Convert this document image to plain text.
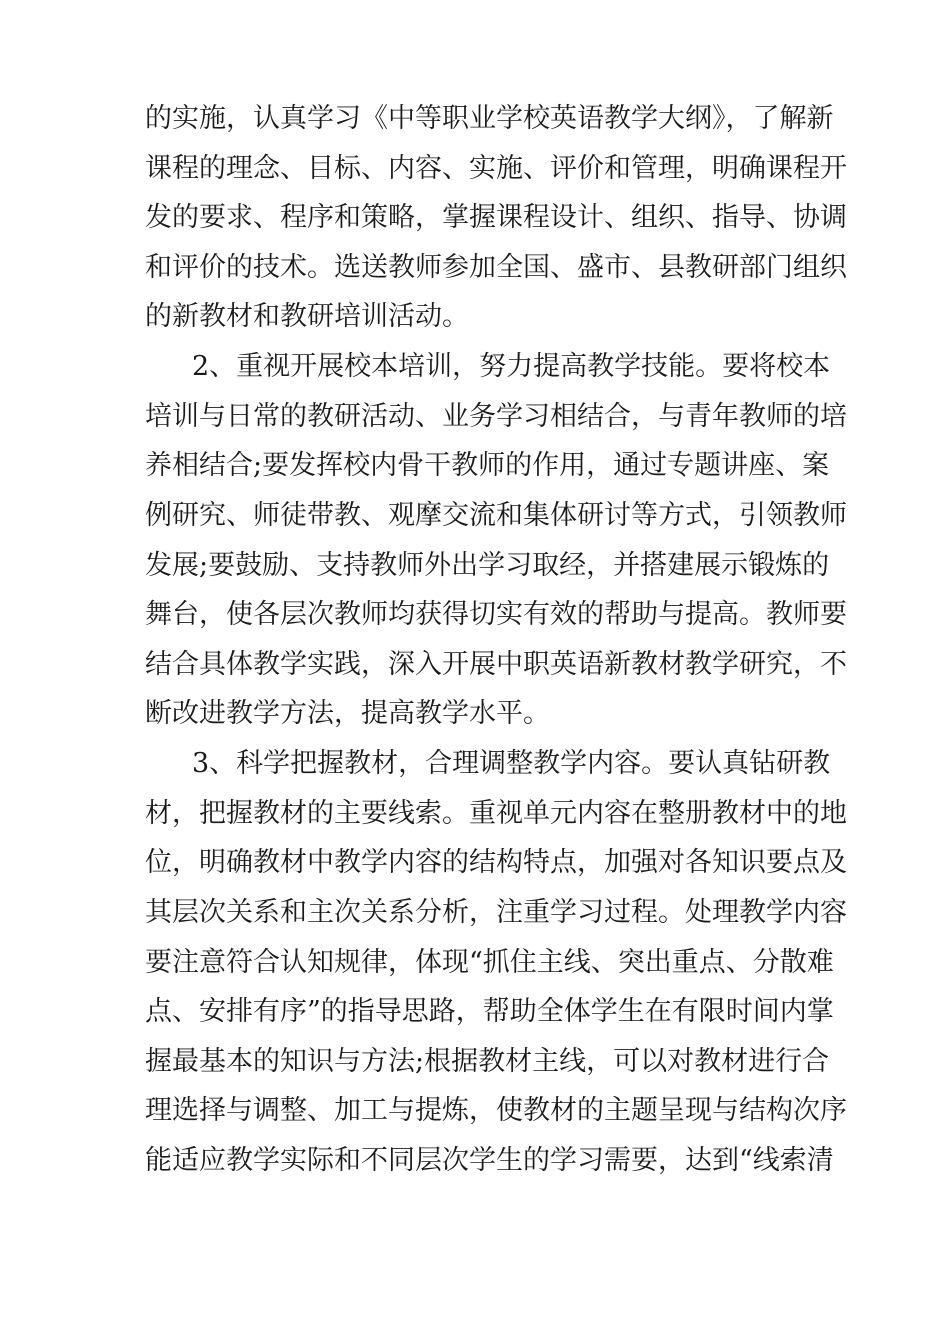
的实施，认真学习《中等职业学校英语教学大纲》，了解新
课程的理念、目标、内容、实施、评价和管理，明确课程开
发的要求、程序和策略，掌握课程设计、组织、指导、协调
和评价的技术。选送教师参加全国、盛市、县教研部门组织
的新教材和教研培训活动。
2、重视开展校本培训，努力提高教学技能。要将校本
培训与日常的教研活动、业务学习相结合，与青年教师的培
养相结合;要发挥校内骨干教师的作用，通过专题讲座、案
例研究、师徒带教、观摩交流和集体研讨等方式，引领教师
发展;要鼓励、支持教师外出学习取经，并搭建展示锻炼的
舞台，使各层次教师均获得切实有效的帮助与提高。教师要
结合具体教学实践，深入开展中职英语新教材教学研究，不
断改进教学方法，提高教学水平。
3、科学把握教材，合理调整教学内容。要认真钻研教
材，把握教材的主要线索。重视单元内容在整册教材中的地
位，明确教材中教学内容的结构特点，加强对各知识要点及
其层次关系和主次关系分析，注重学习过程。处理教学内容
要注意符合认知规律，体现“抓住主线、突出重点、分散难
点、安排有序”的指导思路，帮助全体学生在有限时间内掌
握最基本的知识与方法;根据教材主线，可以对教材进行合
理选择与调整、加工与提炼，使教材的主题呈现与结构次序
能适应教学实际和不同层次学生的学习需要，达到“线索清
